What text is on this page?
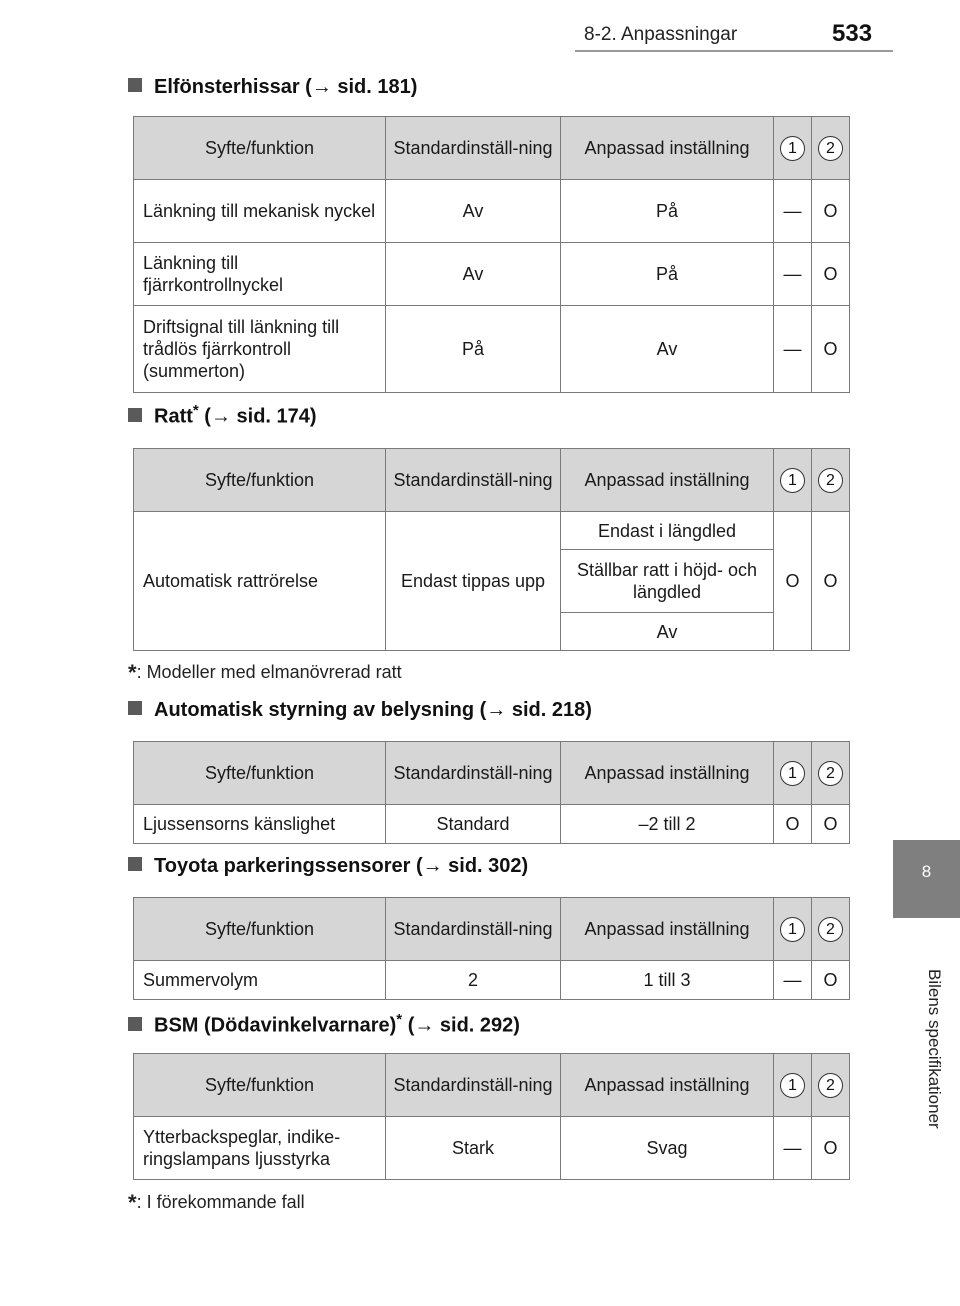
8-2. Anpassningar	533
8
Bilens specifikationer
Elfönsterhissar (→ sid. 181)
Syfte/funktion	Standardinställ-ning	Anpassad inställning	1	2
Länkning till mekanisk nyckel	Av	På	—	O
Länkning till fjärrkontrollnyckel	Av	På	—	O
Driftsignal till länkning till trådlös fjärrkontroll (summerton)	På	Av	—	O
Ratt* (→ sid. 174)
Syfte/funktion	Standardinställ-ning	Anpassad inställning	1	2
Automatisk rattrörelse	Endast tippas upp	Endast i längdled	O	O
		Ställbar ratt i höjd- och längdled		
		Av		
*: Modeller med elmanövrerad ratt
Automatisk styrning av belysning (→ sid. 218)
Syfte/funktion	Standardinställ-ning	Anpassad inställning	1	2
Ljussensorns känslighet	Standard	–2 till 2	O	O
Toyota parkeringssensorer (→ sid. 302)
Syfte/funktion	Standardinställ-ning	Anpassad inställning	1	2
Summervolym	2	1 till 3	—	O
BSM (Dödavinkelvarnare)* (→ sid. 292)
Syfte/funktion	Standardinställ-ning	Anpassad inställning	1	2
Ytterbackspeglar, indike-ringslampans ljusstyrka	Stark	Svag	—	O
*: I förekommande fall
